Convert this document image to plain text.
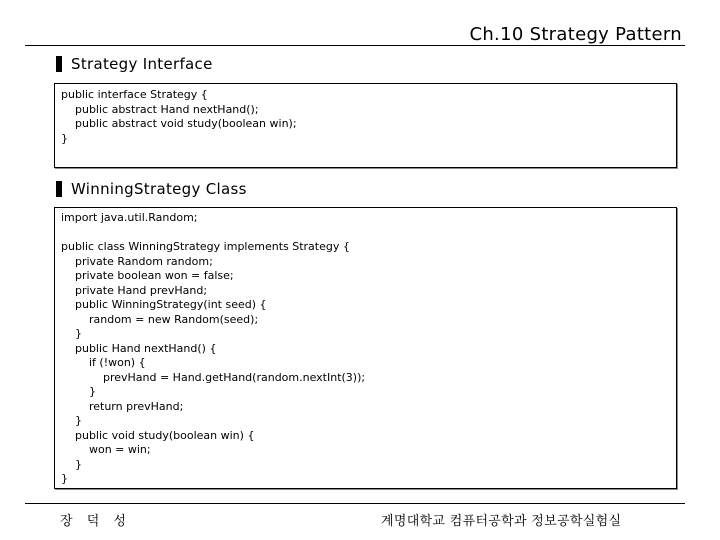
Ch.10 Strategy Pattern
Strategy Interface
public interface Strategy {
public abstract Hand nextHand();
public abstract void study(boolean win);
}
WinningStrategy Class
import java.util.Random;
public class WinningStrategy implements Strategy {
private Random random;
private boolean won = false;
private Hand prevHand;
public WinningStrategy(int seed) {
random = new Random(seed);
}
public Hand nextHand() {
if (!won) {
prevHand = Hand.getHand(random.nextInt(3));
}
return prevHand;
}
public void study(boolean win) {
won = win;
}
}
장 덕 성	계명대학교 컴퓨터공학과 정보공학실험실
